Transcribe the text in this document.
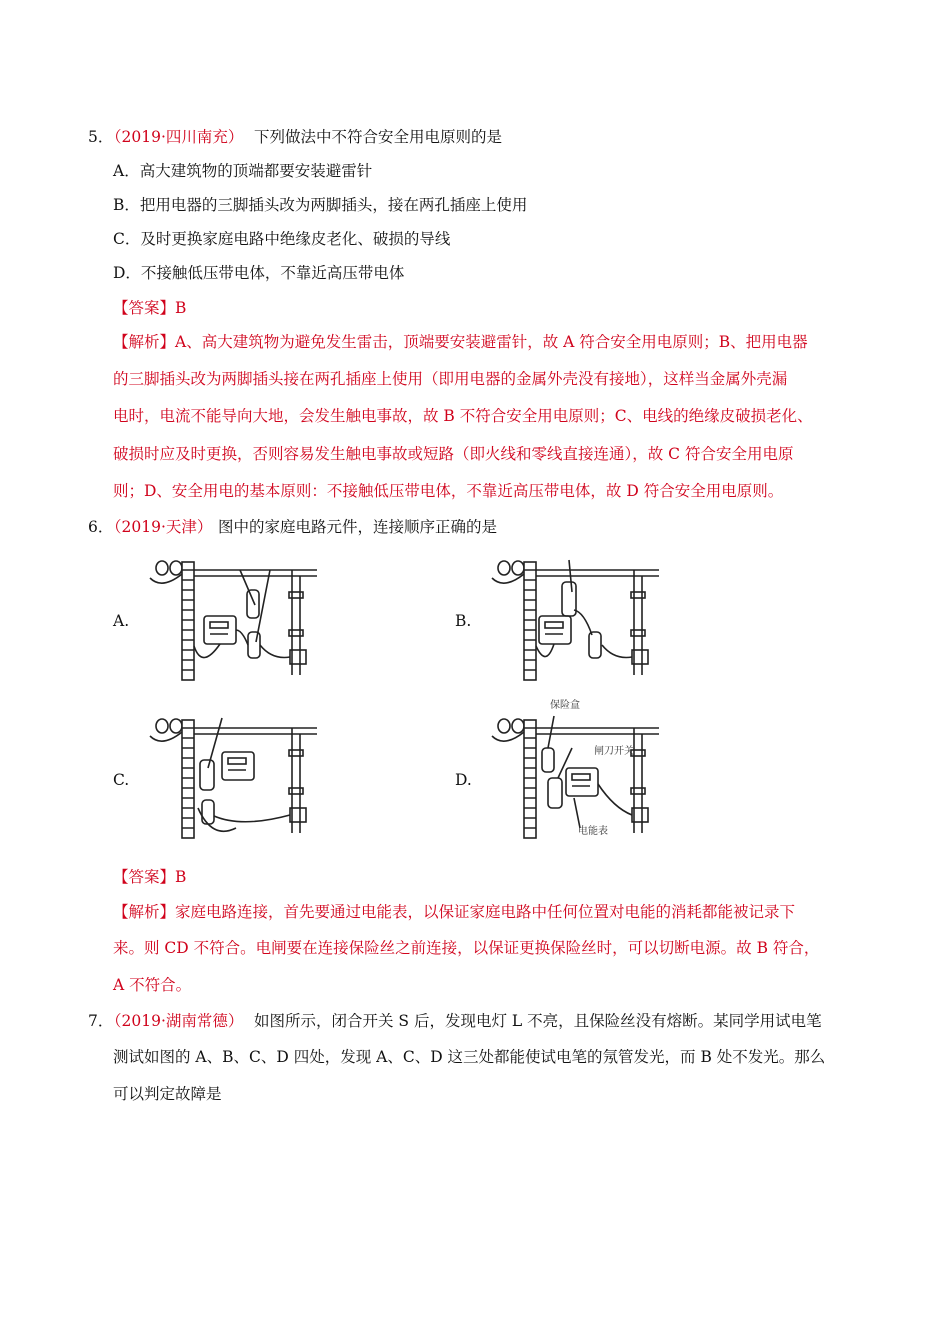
5．
（2019·四川南充） 下列做法中不符合安全用电原则的是
A．高大建筑物的顶端都要安装避雷针
B．把用电器的三脚插头改为两脚插头，接在两孔插座上使用
C．及时更换家庭电路中绝缘皮老化、破损的导线
D．不接触低压带电体，不靠近高压带电体
【答案】B
【解析】A、高大建筑物为避免发生雷击，顶端要安装避雷针，故 A 符合安全用电原则；B、把用电器
的三脚插头改为两脚插头接在两孔插座上使用（即用电器的金属外壳没有接地），这样当金属外壳漏
电时，电流不能导向大地，会发生触电事故，故 B 不符合安全用电原则；C、电线的绝缘皮破损老化、
破损时应及时更换，否则容易发生触电事故或短路（即火线和零线直接连通），故 C 符合安全用电原
则；D、安全用电的基本原则：不接触低压带电体，不靠近高压带电体，故 D 符合安全用电原则。
6．
（2019·天津） 图中的家庭电路元件，连接顺序正确的是
A.	B.
C.	D.
保险盒
闸刀开关
电能表
【答案】B
【解析】家庭电路连接，首先要通过电能表，以保证家庭电路中任何位置对电能的消耗都能被记录下
来。则 CD 不符合。电闸要在连接保险丝之前连接，以保证更换保险丝时，可以切断电源。故 B 符合，
A 不符合。
7．
（2019·湖南常德） 如图所示，闭合开关 S 后，发现电灯 L 不亮，且保险丝没有熔断。某同学用试电笔
测试如图的 A、B、C、D 四处，发现 A、C、D 这三处都能使试电笔的氖管发光，而 B 处不发光。那么
可以判定故障是
